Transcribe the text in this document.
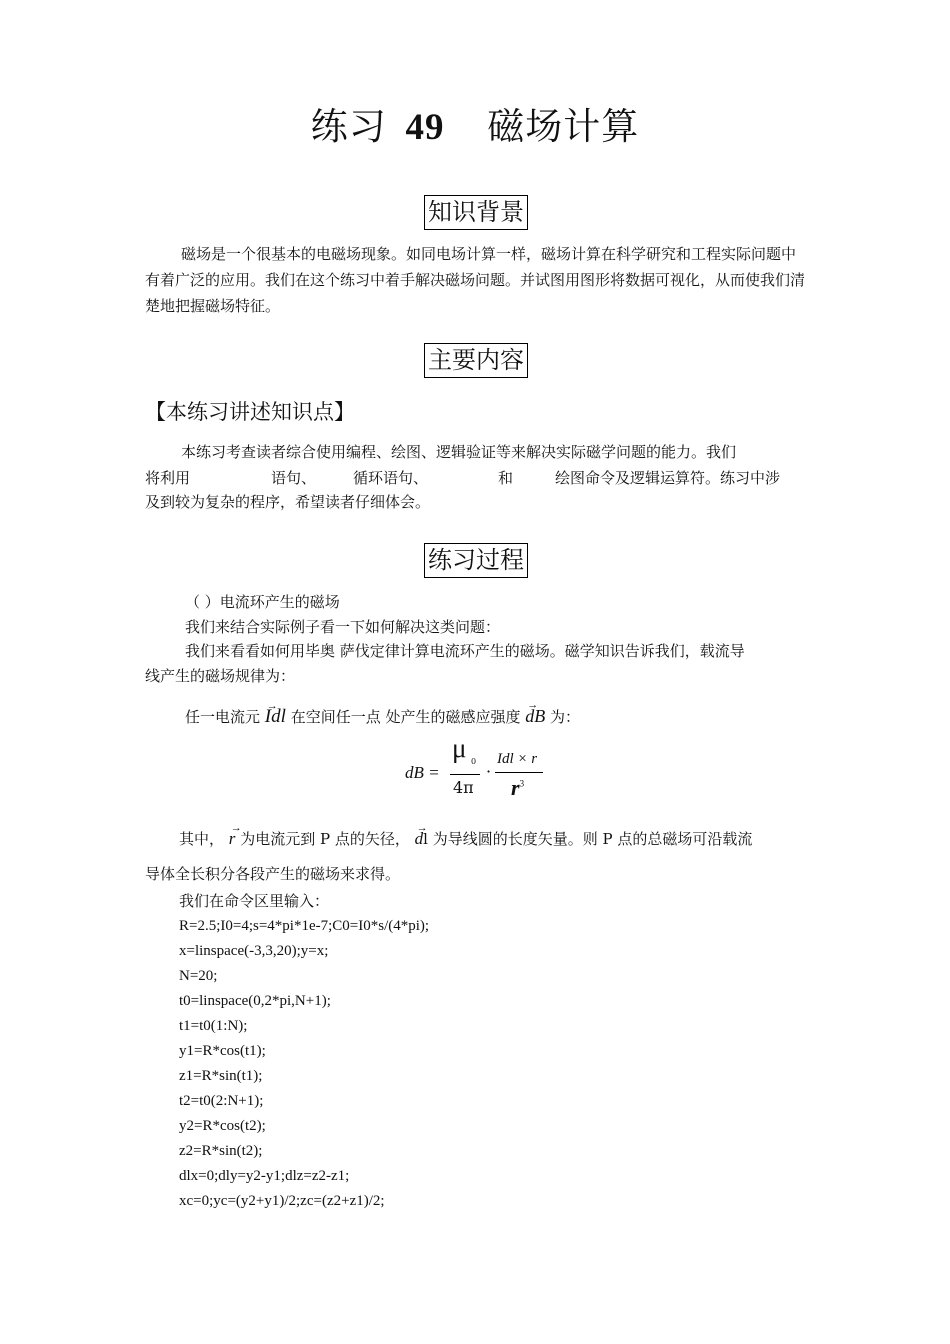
练习 49 磁场计算
知识背景
磁场是一个很基本的电磁场现象。如同电场计算一样，磁场计算在科学研究和工程实际问题中有着广泛的应用。我们在这个练习中着手解决磁场问题。并试图用图形将数据可视化，从而使我们清楚地把握磁场特征。
主要内容
【本练习讲述知识点】
本练习考查读者综合使用编程、绘图、逻辑验证等来解决实际磁学问题的能力。我们
将利用	语句、 循环语句、	和	绘图命令及逻辑运算符。练习中涉
及到较为复杂的程序，希望读者仔细体会。
练习过程
（ ）电流环产生的磁场
我们来结合实际例子看一下如何解决这类问题：
我们来看看如何用毕奥 萨伐定律计算电流环产生的磁场。磁学知识告诉我们，载流导
线产生的磁场规律为：
任一电流元 → Idl 在空间任一点 处产生的磁感应强度 → dB 为：
dB =
μ 0
4π
·
Idl × r
$r^3$
其中， → r 为电流元到 P 点的矢径， → dl 为导线圆的长度矢量。则 P 点的总磁场可沿载流
导体全长积分各段产生的磁场来求得。
我们在命令区里输入：
R=2.5;I0=4;s=4*pi*1e-7;C0=I0*s/(4*pi);
x=linspace(-3,3,20);y=x;
N=20;
t0=linspace(0,2*pi,N+1);
t1=t0(1:N);
y1=R*cos(t1);
z1=R*sin(t1);
t2=t0(2:N+1);
y2=R*cos(t2);
z2=R*sin(t2);
dlx=0;dly=y2-y1;dlz=z2-z1;
xc=0;yc=(y2+y1)/2;zc=(z2+z1)/2;
